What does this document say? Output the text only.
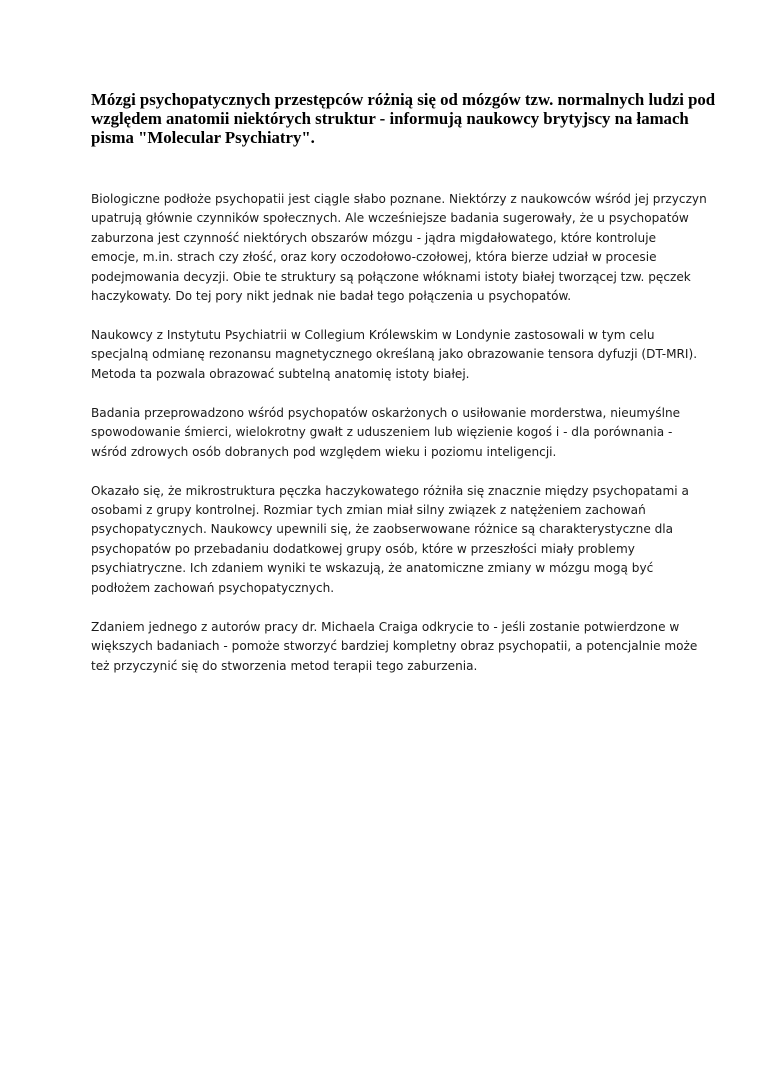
Mózgi psychopatycznych przestępców różnią się od mózgów tzw. normalnych ludzi pod
względem anatomii niektórych struktur - informują naukowcy brytyjscy na łamach
pisma "Molecular Psychiatry".

Biologiczne podłoże psychopatii jest ciągle słabo poznane. Niektórzy z naukowców wśród jej przyczyn
upatrują głównie czynników społecznych. Ale wcześniejsze badania sugerowały, że u psychopatów
zaburzona jest czynność niektórych obszarów mózgu - jądra migdałowatego, które kontroluje
emocje, m.in. strach czy złość, oraz kory oczodołowo-czołowej, która bierze udział w procesie
podejmowania decyzji. Obie te struktury są połączone włóknami istoty białej tworzącej tzw. pęczek
haczykowaty. Do tej pory nikt jednak nie badał tego połączenia u psychopatów.

Naukowcy z Instytutu Psychiatrii w Collegium Królewskim w Londynie zastosowali w tym celu
specjalną odmianę rezonansu magnetycznego określaną jako obrazowanie tensora dyfuzji (DT-MRI).
Metoda ta pozwala obrazować subtelną anatomię istoty białej.

Badania przeprowadzono wśród psychopatów oskarżonych o usiłowanie morderstwa, nieumyślne
spowodowanie śmierci, wielokrotny gwałt z uduszeniem lub więzienie kogoś i - dla porównania -
wśród zdrowych osób dobranych pod względem wieku i poziomu inteligencji.

Okazało się, że mikrostruktura pęczka haczykowatego różniła się znacznie między psychopatami a
osobami z grupy kontrolnej. Rozmiar tych zmian miał silny związek z natężeniem zachowań
psychopatycznych. Naukowcy upewnili się, że zaobserwowane różnice są charakterystyczne dla
psychopatów po przebadaniu dodatkowej grupy osób, które w przeszłości miały problemy
psychiatryczne. Ich zdaniem wyniki te wskazują, że anatomiczne zmiany w mózgu mogą być
podłożem zachowań psychopatycznych.

Zdaniem jednego z autorów pracy dr. Michaela Craiga odkrycie to - jeśli zostanie potwierdzone w
większych badaniach - pomoże stworzyć bardziej kompletny obraz psychopatii, a potencjalnie może
też przyczynić się do stworzenia metod terapii tego zaburzenia.
